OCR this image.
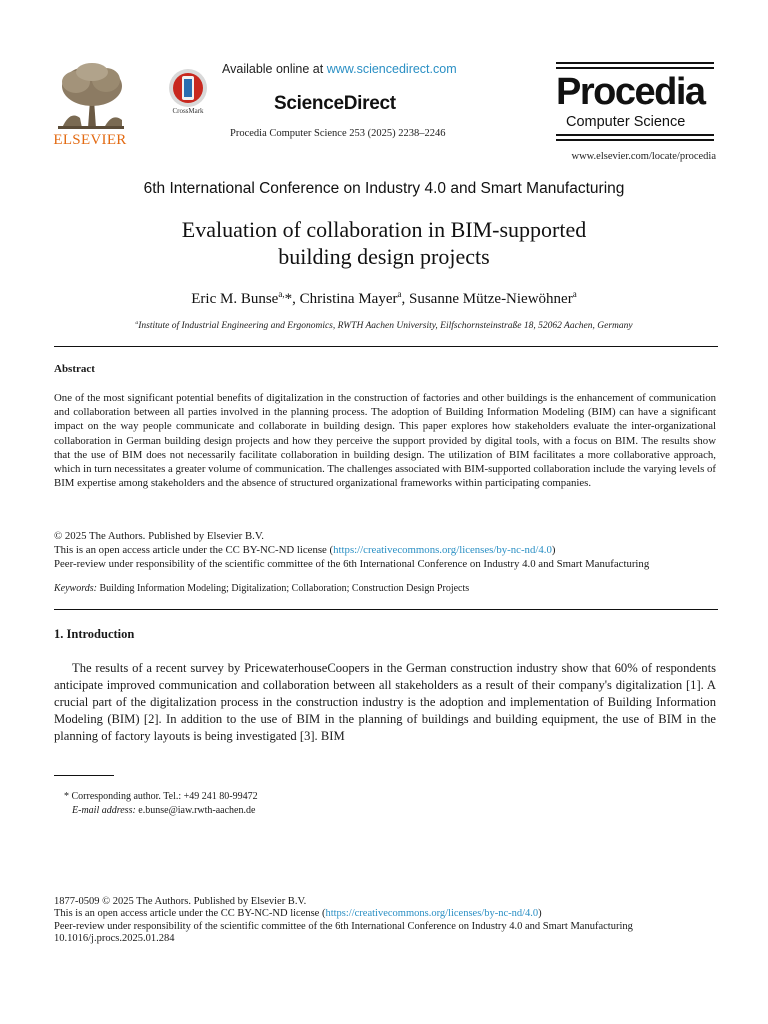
ELSEVIER
CrossMark
Available online at www.sciencedirect.com
ScienceDirect
Procedia Computer Science 253 (2025) 2238–2246
Procedia
Computer Science
www.elsevier.com/locate/procedia
6th International Conference on Industry 4.0 and Smart Manufacturing
Evaluation of collaboration in BIM-supported
building design projects
Eric M. Bunse$^{a,}$*, Christina Mayer$^a$, Susanne Mütze-Niewöhner$^a$
$^a$Institute of Industrial Engineering and Ergonomics, RWTH Aachen University, Eilfschornsteinstraße 18, 52062 Aachen, Germany
Abstract
One of the most significant potential benefits of digitalization in the construction of factories and other buildings is the enhancement of communication and collaboration between all parties involved in the planning process. The adoption of Building Information Modeling (BIM) can have a significant impact on the way people communicate and collaborate in building design. This paper explores how stakeholders evaluate the inter-organizational collaboration in German building design projects and how they perceive the support provided by digital tools, with a focus on BIM. The results show that the use of BIM does not necessarily facilitate collaboration in building design. The utilization of BIM facilitates a more collaborative approach, which in turn necessitates a greater volume of communication. The challenges associated with BIM-supported collaboration include the varying levels of BIM expertise among stakeholders and the absence of structured organizational frameworks within participating companies.
© 2025 The Authors. Published by Elsevier B.V.
This is an open access article under the CC BY-NC-ND license (https://creativecommons.org/licenses/by-nc-nd/4.0)
Peer-review under responsibility of the scientific committee of the 6th International Conference on Industry 4.0 and Smart Manufacturing
Keywords: Building Information Modeling; Digitalization; Collaboration; Construction Design Projects
1. Introduction
The results of a recent survey by PricewaterhouseCoopers in the German construction industry show that 60% of respondents anticipate improved communication and collaboration between all stakeholders as a result of their company's digitalization [1]. A crucial part of the digitalization process in the construction industry is the adoption and implementation of Building Information Modeling (BIM) [2]. In addition to the use of BIM in the planning of buildings and building equipment, the use of BIM in the planning of factory layouts is being investigated [3]. BIM
* Corresponding author. Tel.: +49 241 80-99472
E-mail address: e.bunse@iaw.rwth-aachen.de
1877-0509 © 2025 The Authors. Published by Elsevier B.V.
This is an open access article under the CC BY-NC-ND license (https://creativecommons.org/licenses/by-nc-nd/4.0)
Peer-review under responsibility of the scientific committee of the 6th International Conference on Industry 4.0 and Smart Manufacturing
10.1016/j.procs.2025.01.284
